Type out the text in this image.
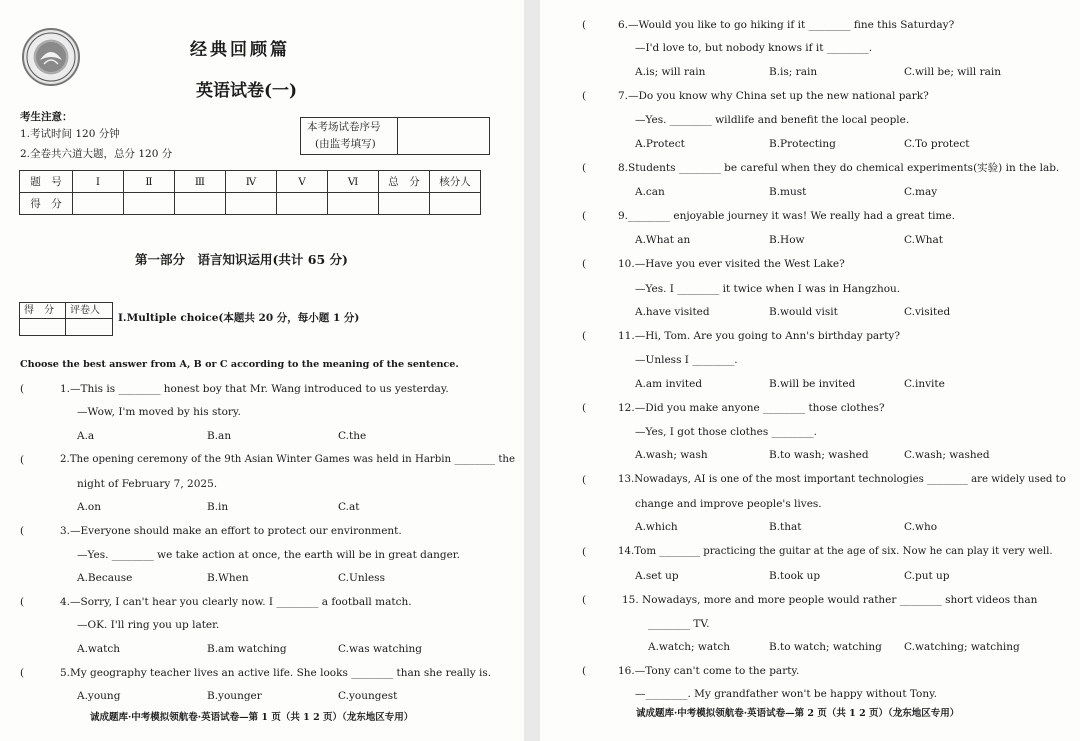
经典回顾篇
英语试卷(一)
考生注意：
1.考试时间 120 分钟
2.全卷共六道大题，总分 120 分
本考场试卷序号
(由监考填写)
题　号	Ⅰ	Ⅱ	Ⅲ	Ⅳ	Ⅴ	Ⅵ	总　分	核分人
得　分								
第一部分　语言知识运用(共计 65 分)
得　分 评卷人
Ⅰ.Multiple choice(本题共 20 分，每小题 1 分)
Choose the best answer from A, B or C according to the meaning of the sentence.
(	1.—This is ________ honest boy that Mr. Wang introduced to us yesterday.
—Wow, I'm moved by his story.
A.a	B.an	C.the
(	2.The opening ceremony of the 9th Asian Winter Games was held in Harbin ________ the
night of February 7, 2025.
A.on	B.in	C.at
(	3.—Everyone should make an effort to protect our environment.
—Yes. ________ we take action at once, the earth will be in great danger.
A.Because	B.When	C.Unless
(	4.—Sorry, I can't hear you clearly now. I ________ a football match.
—OK. I'll ring you up later.
A.watch	B.am watching	C.was watching
(	5.My geography teacher lives an active life. She looks ________ than she really is.
A.young	B.younger	C.youngest
诚成题库·中考模拟领航卷·英语试卷—第 1 页（共 1 2 页）（龙东地区专用）
(	6.—Would you like to go hiking if it ________ fine this Saturday?
—I'd love to, but nobody knows if it ________.
A.is; will rain	B.is; rain	C.will be; will rain
(	7.—Do you know why China set up the new national park?
—Yes. ________ wildlife and benefit the local people.
A.Protect	B.Protecting	C.To protect
(	8.Students ________ be careful when they do chemical experiments(实验) in the lab.
A.can	B.must	C.may
(	9.________ enjoyable journey it was! We really had a great time.
A.What an	B.How	C.What
(	10.—Have you ever visited the West Lake?
—Yes. I ________ it twice when I was in Hangzhou.
A.have visited	B.would visit	C.visited
(	11.—Hi, Tom. Are you going to Ann's birthday party?
—Unless I ________.
A.am invited	B.will be invited	C.invite
(	12.—Did you make anyone ________ those clothes?
—Yes, I got those clothes ________.
A.wash; wash	B.to wash; washed	C.wash; washed
(	13.Nowadays, AI is one of the most important technologies ________ are widely used to
change and improve people's lives.
A.which	B.that	C.who
(	14.Tom ________ practicing the guitar at the age of six. Now he can play it very well.
A.set up	B.took up	C.put up
(	15. Nowadays, more and more people would rather ________ short videos than
________ TV.
A.watch; watch	B.to watch; watching C.watching; watching
(	16.—Tony can't come to the party.
—________. My grandfather won't be happy without Tony.
诚成题库·中考模拟领航卷·英语试卷—第 2 页（共 1 2 页）（龙东地区专用）
